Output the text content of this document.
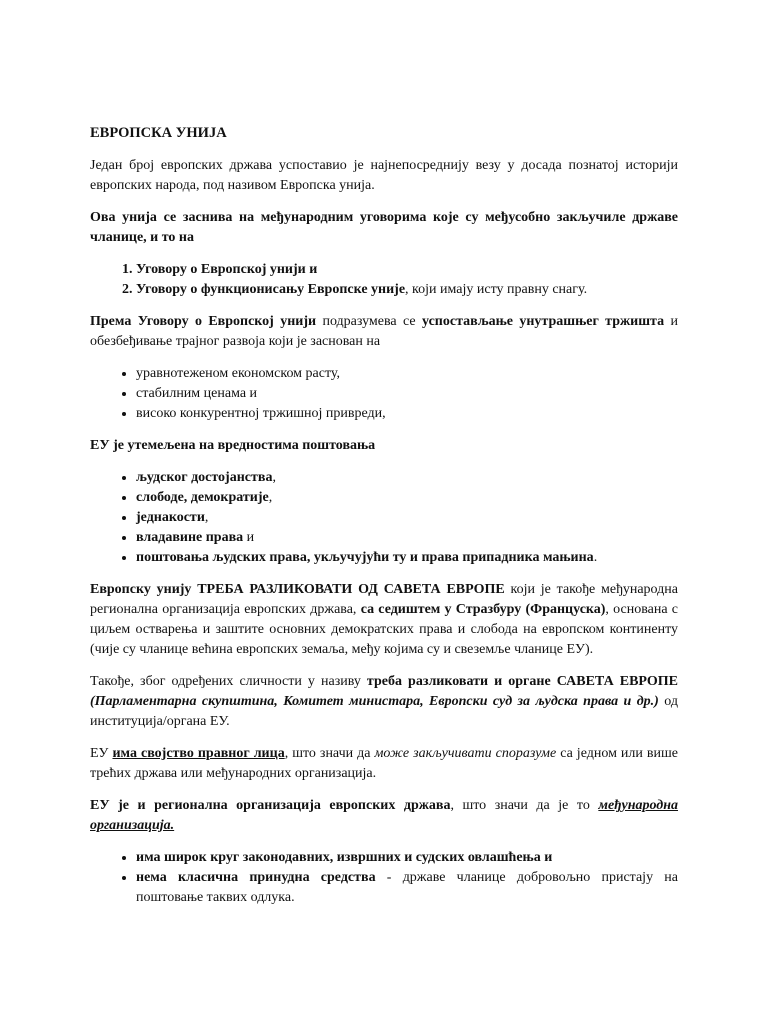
ЕВРОПСКА УНИЈА

Један број европских држава успоставио је најнепосреднију везу у досада познатој историји европских народа, под називом Европска унија.

Ова унија се заснива на међународним уговорима које су међусобно закључиле државе чланице, и то на

1. Уговору о Европској унији и
2. Уговору о функционисању Европске уније, који имају исту правну снагу.

Према Уговору о Европској унији подразумева се успостављање унутрашњег тржишта и обезбеђивање трајног развоја који је заснован на

• уравнотеженом економском расту,
• стабилним ценама и
• високо конкурентној тржишној привреди,

ЕУ је утемељена на вредностима поштовања

• људског достојанства,
• слободе, демократије,
• једнакости,
• владавине права и
• поштовања људских права, укључујући ту и права припадника мањина.

Европску унију ТРЕБА РАЗЛИКОВАТИ ОД САВЕТА ЕВРОПЕ који је такође међународна регионална организација европских држава, са седиштем у Стразбуру (Француска), основана с циљем остварења и заштите основних демократских права и слобода на европском континенту (чије су чланице већина европских земаља, међу којима су и свеземље чланице ЕУ).

Такође, због одређених сличности у називу треба разликовати и органе САВЕТА ЕВРОПЕ (Парламентарна скупштина, Комитет министара, Европски суд за људска права и др.) од институција/органа ЕУ.

ЕУ има својство правног лица, што значи да може закључивати споразуме са једном или више трећих држава или међународних организација.

ЕУ је и регионална организација европских држава, што значи да је то међународна организација.

• има широк круг законодавних, извршних и судских овлашћења и
• нема класична принудна средства - државе чланице добровољно пристају на поштовање таквих одлука.
